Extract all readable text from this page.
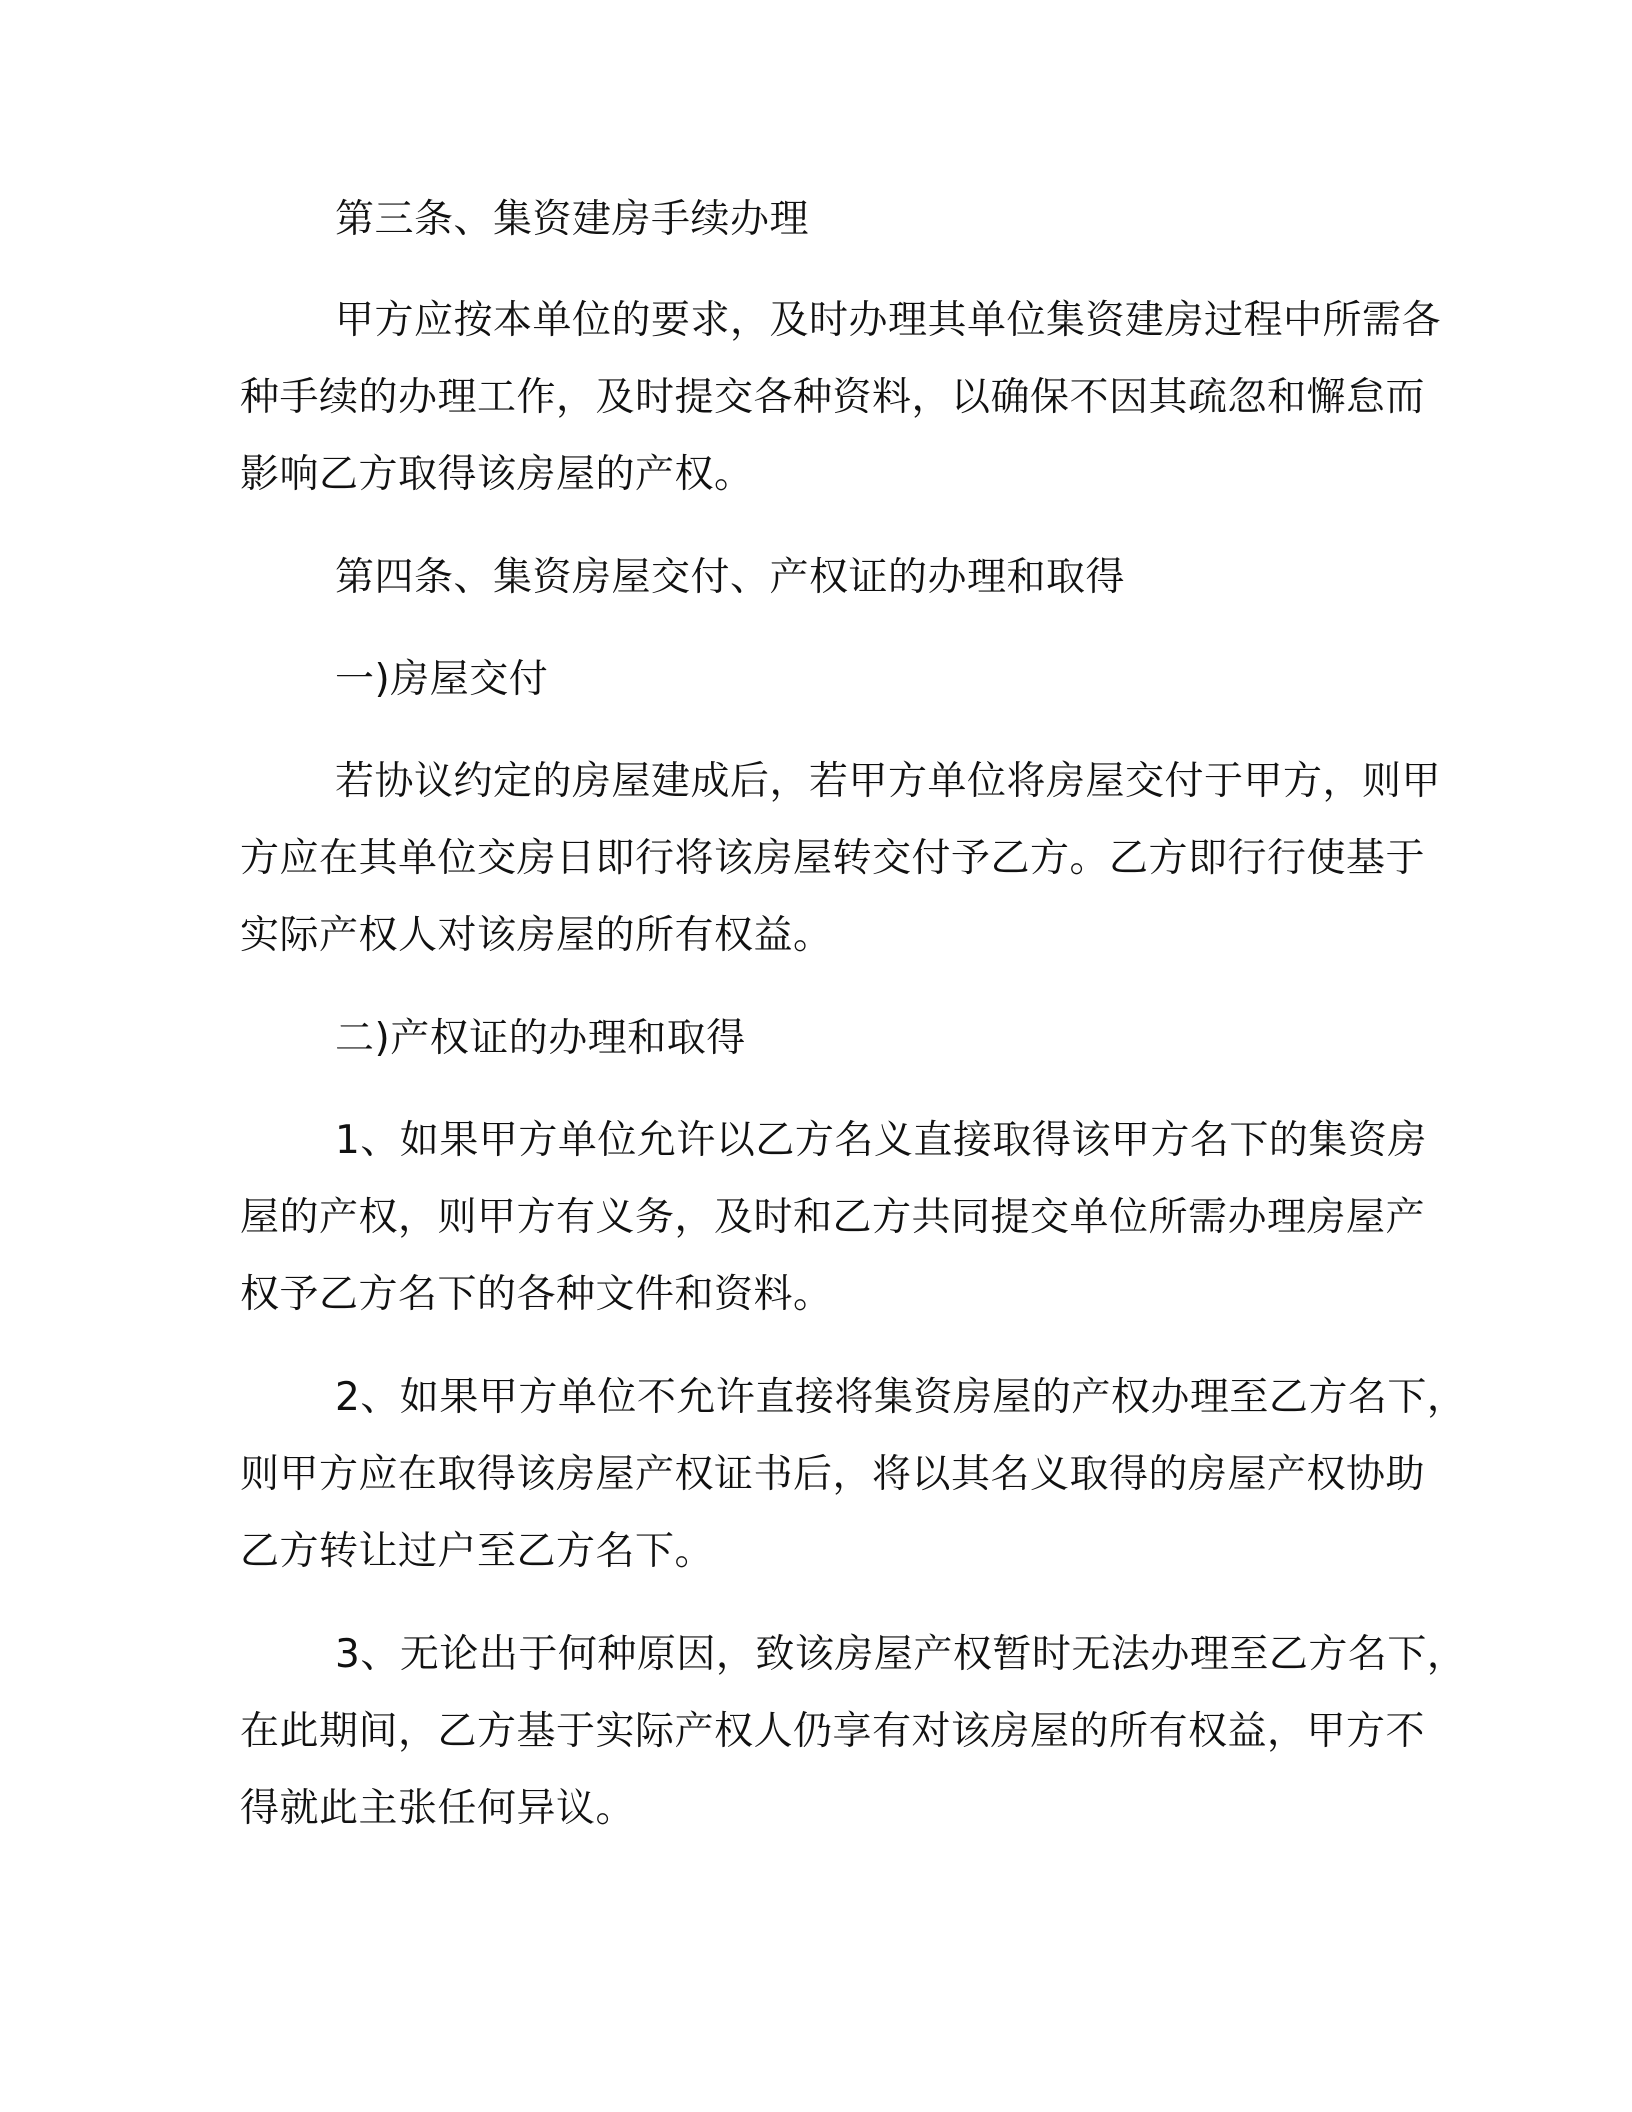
第三条、集资建房手续办理

甲方应按本单位的要求，及时办理其单位集资建房过程中所需各

种手续的办理工作，及时提交各种资料，以确保不因其疏忽和懈怠而

影响乙方取得该房屋的产权。

第四条、集资房屋交付、产权证的办理和取得
一)房屋交付

若协议约定的房屋建成后，若甲方单位将房屋交付于甲方，则甲

方应在其单位交房日即行将该房屋转交付予乙方。乙方即行行使基于

实际产权人对该房屋的所有权益。

二)产权证的办理和取得

1、如果甲方单位允许以乙方名义直接取得该甲方名下的集资房

屋的产权，则甲方有义务，及时和乙方共同提交单位所需办理房屋产

权予乙方名下的各种文件和资料。

2、如果甲方单位不允许直接将集资房屋的产权办理至乙方名下，

则甲方应在取得该房屋产权证书后，将以其名义取得的房屋产权协助

乙方转让过户至乙方名下。

3、无论出于何种原因，致该房屋产权暂时无法办理至乙方名下，

在此期间，乙方基于实际产权人仍享有对该房屋的所有权益，甲方不

得就此主张任何异议。
